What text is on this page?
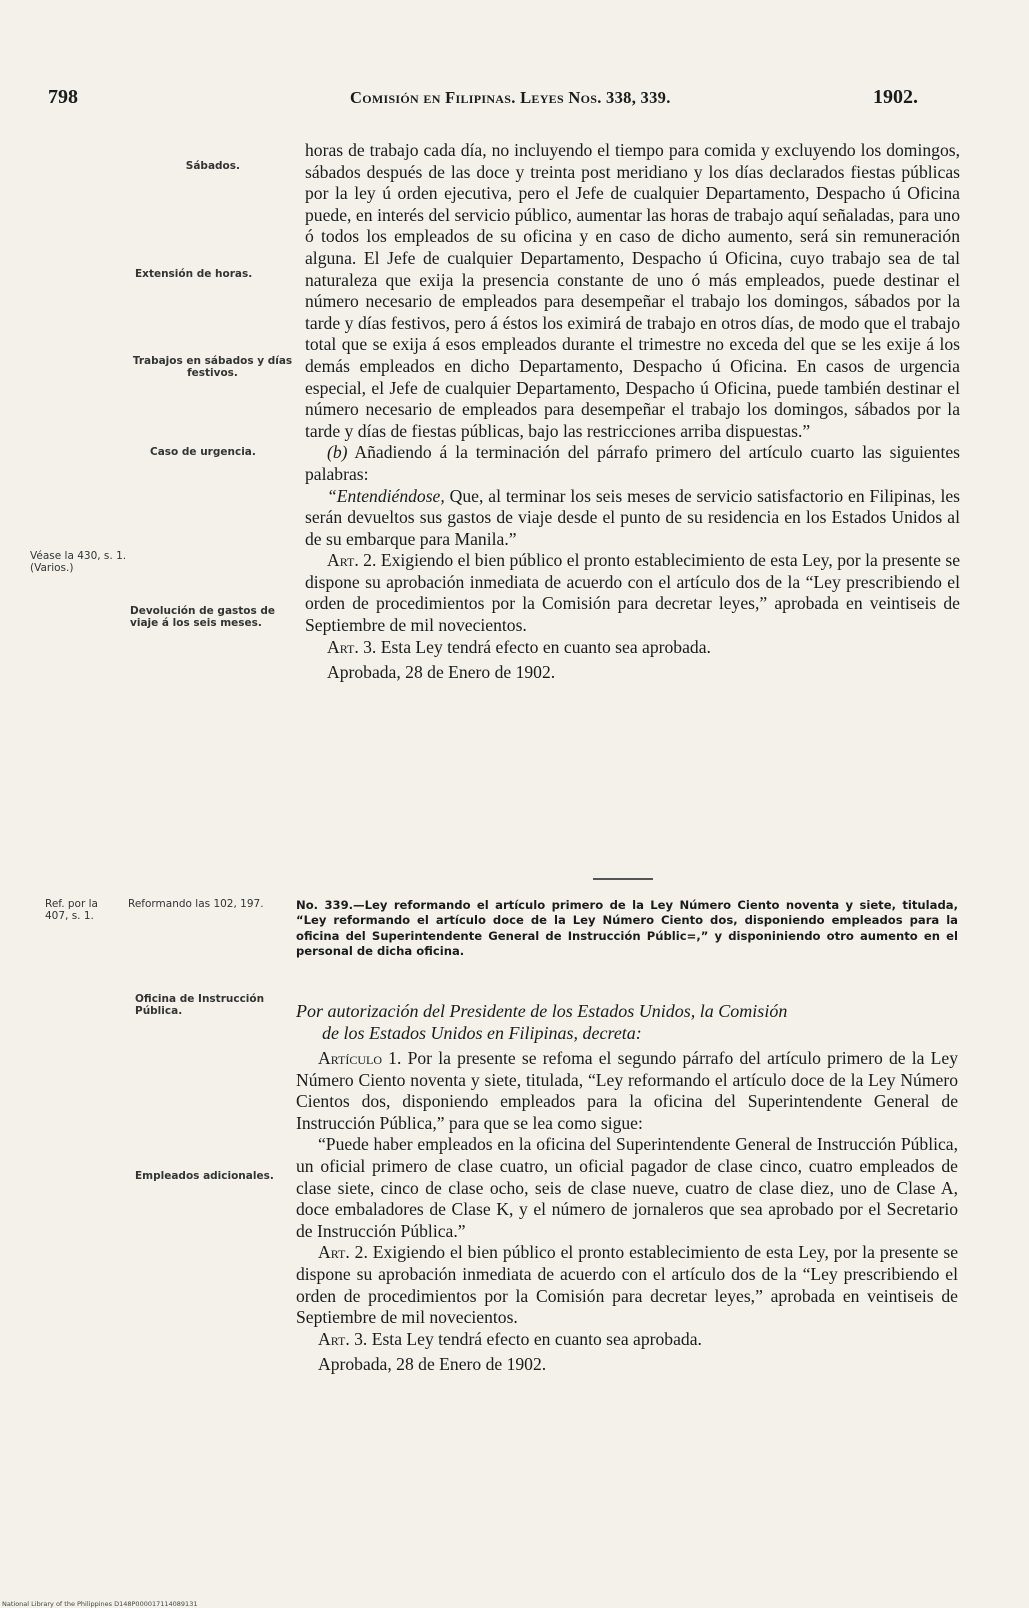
798	Comisión en Filipinas. Leyes Nos. 338, 339.	1902.
Sábados.
Extensión de horas.
Trabajos en sábados y días festivos.
Caso de urgencia.
Véase la 430, s. 1. (Varios.)
Devolución de gastos de viaje á los seis meses.
Ref. por la 407, s. 1.
Reformando las 102, 197.
Oficina de Instrucción Pública.
Empleados adicionales.

horas de trabajo cada día, no incluyendo el tiempo para comida y excluyendo los domingos, sábados después de las doce y treinta post meridiano y los días declarados fiestas públicas por la ley ú orden ejecutiva, pero el Jefe de cualquier Departamento, Despacho ú Oficina puede, en interés del servicio público, aumentar las horas de trabajo aquí señaladas, para uno ó todos los empleados de su oficina y en caso de dicho aumento, será sin remuneración alguna. El Jefe de cualquier Departamento, Despacho ú Oficina, cuyo trabajo sea de tal naturaleza que exija la presencia constante de uno ó más empleados, puede destinar el número necesario de empleados para desempeñar el trabajo los domingos, sábados por la tarde y días festivos, pero á éstos los eximirá de trabajo en otros días, de modo que el trabajo total que se exija á esos empleados durante el trimestre no exceda del que se les exije á los demás empleados en dicho Departamento, Despacho ú Oficina. En casos de urgencia especial, el Jefe de cualquier Departamento, Despacho ú Oficina, puede también destinar el número necesario de empleados para desempeñar el trabajo los domingos, sábados por la tarde y días de fiestas públicas, bajo las restricciones arriba dispuestas.”

(b) Añadiendo á la terminación del párrafo primero del artículo cuarto las siguientes palabras:

“Entendiéndose, Que, al terminar los seis meses de servicio satisfactorio en Filipinas, les serán devueltos sus gastos de viaje desde el punto de su residencia en los Estados Unidos al de su embarque para Manila.”

Art. 2. Exigiendo el bien público el pronto establecimiento de esta Ley, por la presente se dispone su aprobación inmediata de acuerdo con el artículo dos de la “Ley prescribiendo el orden de procedimientos por la Comisión para decretar leyes,” aprobada en veintiseis de Septiembre de mil novecientos.

Art. 3. Esta Ley tendrá efecto en cuanto sea aprobada.

Aprobada, 28 de Enero de 1902.

No. 339.—Ley reformando el artículo primero de la Ley Número Ciento noventa y siete, titulada, “Ley reformando el artículo doce de la Ley Número Ciento dos, disponiendo empleados para la oficina del Superintendente General de Instrucción Públic=,” y disponiniendo otro aumento en el personal de dicha oficina.

Por autorización del Presidente de los Estados Unidos, la Comisión

de los Estados Unidos en Filipinas, decreta:

Artículo 1. Por la presente se refoma el segundo párrafo del artículo primero de la Ley Número Ciento noventa y siete, titulada, “Ley reformando el artículo doce de la Ley Número Cientos dos, disponiendo empleados para la oficina del Superintendente General de Instrucción Pública,” para que se lea como sigue:

“Puede haber empleados en la oficina del Superintendente General de Instrucción Pública, un oficial primero de clase cuatro, un oficial pagador de clase cinco, cuatro empleados de clase siete, cinco de clase ocho, seis de clase nueve, cuatro de clase diez, uno de Clase A, doce embaladores de Clase K, y el número de jornaleros que sea aprobado por el Secretario de Instrucción Pública.”

Art. 2. Exigiendo el bien público el pronto establecimiento de esta Ley, por la presente se dispone su aprobación inmediata de acuerdo con el artículo dos de la “Ley prescribiendo el orden de procedimientos por la Comisión para decretar leyes,” aprobada en veintiseis de Septiembre de mil novecientos.

Art. 3. Esta Ley tendrá efecto en cuanto sea aprobada.

Aprobada, 28 de Enero de 1902.

National Library of the Philippines D148P000017114089131
